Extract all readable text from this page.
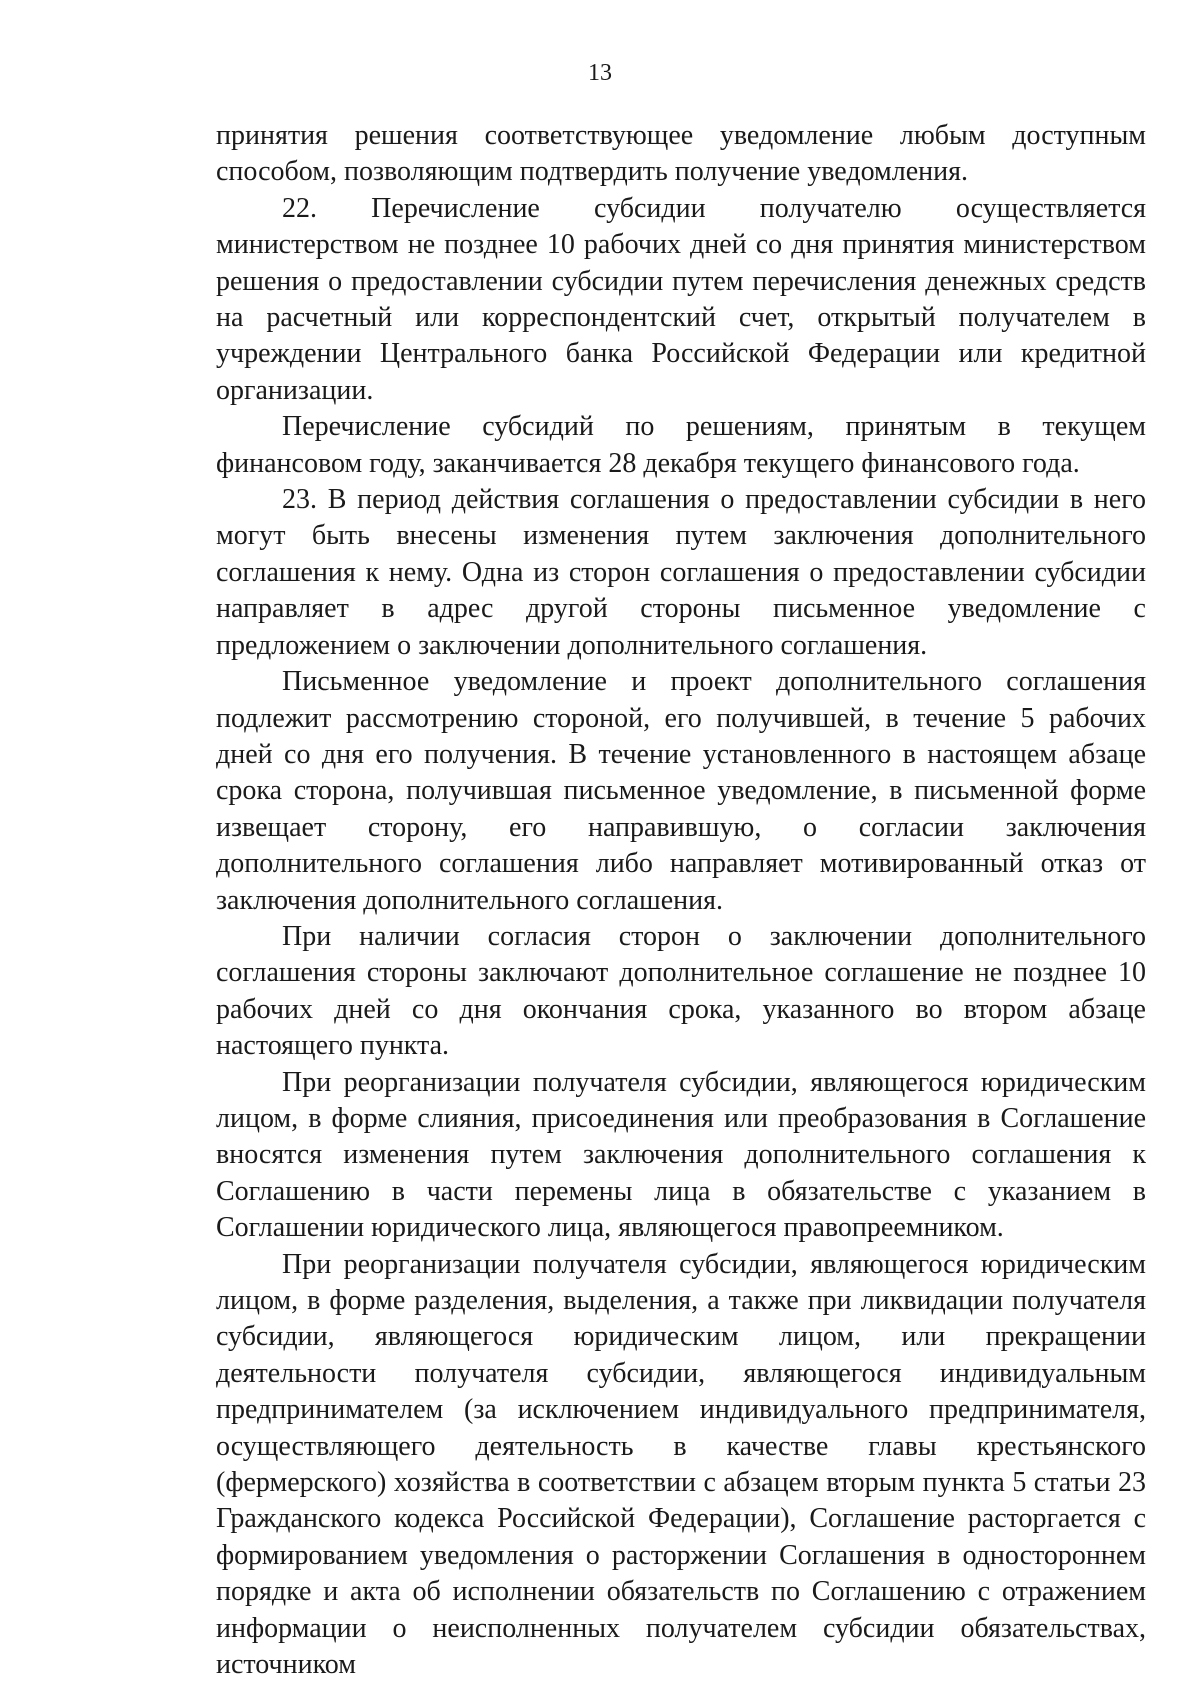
13

принятия решения соответствующее уведомление любым доступным способом, позволяющим подтвердить получение уведомления.

22. Перечисление субсидии получателю осуществляется министерством не позднее 10 рабочих дней со дня принятия министерством решения о предоставлении субсидии путем перечисления денежных средств на расчетный или корреспондентский счет, открытый получателем в учреждении Центрального банка Российской Федерации или кредитной организации.

Перечисление субсидий по решениям, принятым в текущем финансовом году, заканчивается 28 декабря текущего финансового года.

23. В период действия соглашения о предоставлении субсидии в него могут быть внесены изменения путем заключения дополнительного соглашения к нему. Одна из сторон соглашения о предоставлении субсидии направляет в адрес другой стороны письменное уведомление с предложением о заключении дополнительного соглашения.

Письменное уведомление и проект дополнительного соглашения подлежит рассмотрению стороной, его получившей, в течение 5 рабочих дней со дня его получения. В течение установленного в настоящем абзаце срока сторона, получившая письменное уведомление, в письменной форме извещает сторону, его направившую, о согласии заключения дополнительного соглашения либо направляет мотивированный отказ от заключения дополнительного соглашения.

При наличии согласия сторон о заключении дополнительного соглашения стороны заключают дополнительное соглашение не позднее 10 рабочих дней со дня окончания срока, указанного во втором абзаце настоящего пункта.

При реорганизации получателя субсидии, являющегося юридическим лицом, в форме слияния, присоединения или преобразования в Соглашение вносятся изменения путем заключения дополнительного соглашения к Соглашению в части перемены лица в обязательстве с указанием в Соглашении юридического лица, являющегося правопреемником.

При реорганизации получателя субсидии, являющегося юридическим лицом, в форме разделения, выделения, а также при ликвидации получателя субсидии, являющегося юридическим лицом, или прекращении деятельности получателя субсидии, являющегося индивидуальным предпринимателем (за исключением индивидуального предпринимателя, осуществляющего деятельность в качестве главы крестьянского (фермерского) хозяйства в соответствии с абзацем вторым пункта 5 статьи 23 Гражданского кодекса Российской Федерации), Соглашение расторгается с формированием уведомления о расторжении Соглашения в одностороннем порядке и акта об исполнении обязательств по Соглашению с отражением информации о неисполненных получателем субсидии обязательствах, источником
